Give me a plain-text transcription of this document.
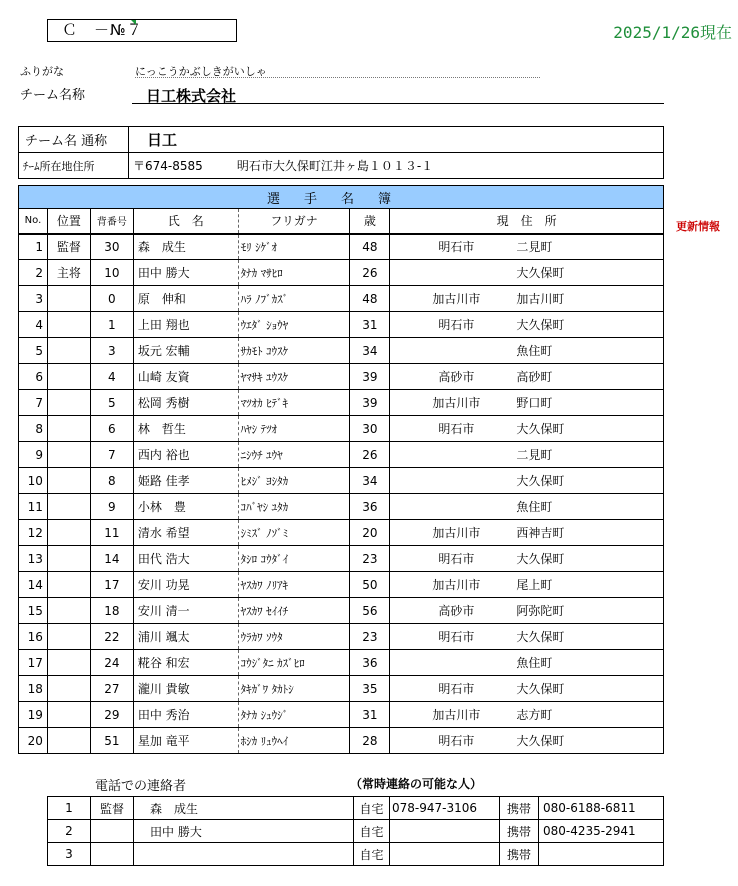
Ｃ　－№７	2025/1/26現在
ふりがな	にっこうかぶしきがいしゃ
チーム名称	日工株式会社
チーム名 通称	日工
ﾁｰﾑ所在地住所	〒674-8585 明石市大久保町江井ヶ島１０１３-１
選手名簿						
No.	位置	背番号	氏　名	フリガナ	歳	現　住　所
1	監督	30	森　成生	ﾓﾘ ｼｹﾞｵ	48	明石市 二見町
2	主将	10	田中 勝大	ﾀﾅｶ ﾏｻﾋﾛ	26	大久保町
3		0	原　伸和	ﾊﾗ ﾉﾌﾞｶｽﾞ	48	加古川市 加古川町
4		1	上田 翔也	ｳｴﾀﾞ ｼｮｳﾔ	31	明石市 大久保町
5		3	坂元 宏輔	ｻｶﾓﾄ ｺｳｽｹ	34	魚住町
6		4	山崎 友資	ﾔﾏｻｷ ﾕｳｽｹ	39	高砂市 高砂町
7		5	松岡 秀樹	ﾏﾂｵｶ ﾋﾃﾞｷ	39	加古川市 野口町
8		6	林　哲生	ﾊﾔｼ ﾃﾂｵ	30	明石市 大久保町
9		7	西内 裕也	ﾆｼｳﾁ ﾕｳﾔ	26	二見町
10		8	姫路 佳孝	ﾋﾒｼﾞ ﾖｼﾀｶ	34	大久保町
11		9	小林　豊	ｺﾊﾞﾔｼ ﾕﾀｶ	36	魚住町
12		11	清水 希望	ｼﾐｽﾞ ﾉｿﾞﾐ	20	加古川市 西神吉町
13		14	田代 浩大	ﾀｼﾛ ｺｳﾀﾞｲ	23	明石市 大久保町
14		17	安川 功晃	ﾔｽｶﾜ ﾉﾘｱｷ	50	加古川市 尾上町
15		18	安川 清一	ﾔｽｶﾜ ｾｲｲﾁ	56	高砂市 阿弥陀町
16		22	浦川 颯太	ｳﾗｶﾜ ｿｳﾀ	23	明石市 大久保町
17		24	糀谷 和宏	ｺｳｼﾞﾀﾆ ｶｽﾞﾋﾛ	36	魚住町
18		27	瀧川 貴敏	ﾀｷｶﾞﾜ ﾀｶﾄｼ	35	明石市 大久保町
19		29	田中 秀治	ﾀﾅｶ ｼｭｳｼﾞ	31	加古川市 志方町
20		51	星加 竜平	ﾎｼｶ ﾘｭｳﾍｲ	28	明石市 大久保町
更新情報
電話での連絡者	（常時連絡の可能な人）
1	監督	森　成生	自宅	078-947-3106	携帯	080-6188-6811
2		田中 勝大	自宅		携帯	080-4235-2941
3			自宅		携帯	
